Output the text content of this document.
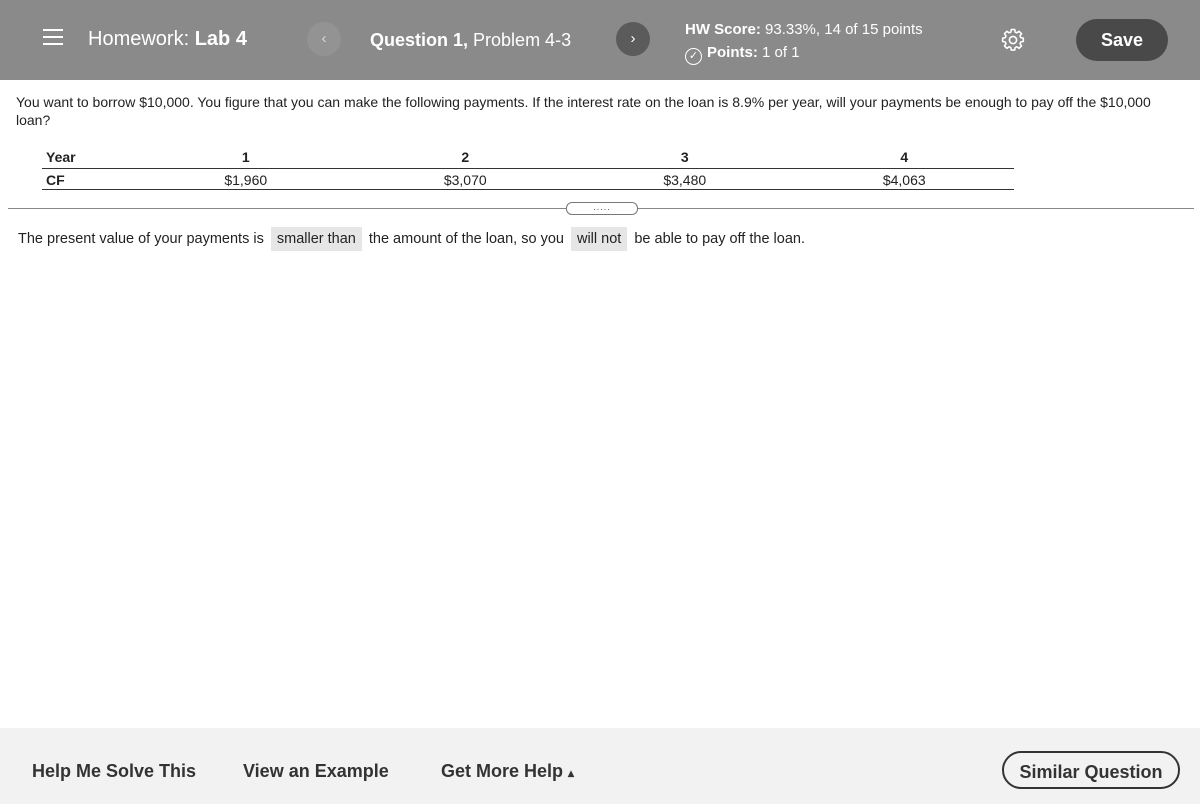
Homework: Lab 4	‹	Question 1, Problem 4-3	›
HW Score: 93.33%, 14 of 15 points
✓ Points: 1 of 1
Save
You want to borrow $10,000. You figure that you can make the following payments. If the interest rate on the loan is 8.9% per year, will your payments be enough to pay off the $10,000 loan?
Year	1	2	3	4
CF	$1,960	$3,070	$3,480	$4,063
.....
The present value of your payments is smaller than the amount of the loan, so you will not be able to pay off the loan.
Help Me Solve This	View an Example	Get More Help ▴	Similar Question
